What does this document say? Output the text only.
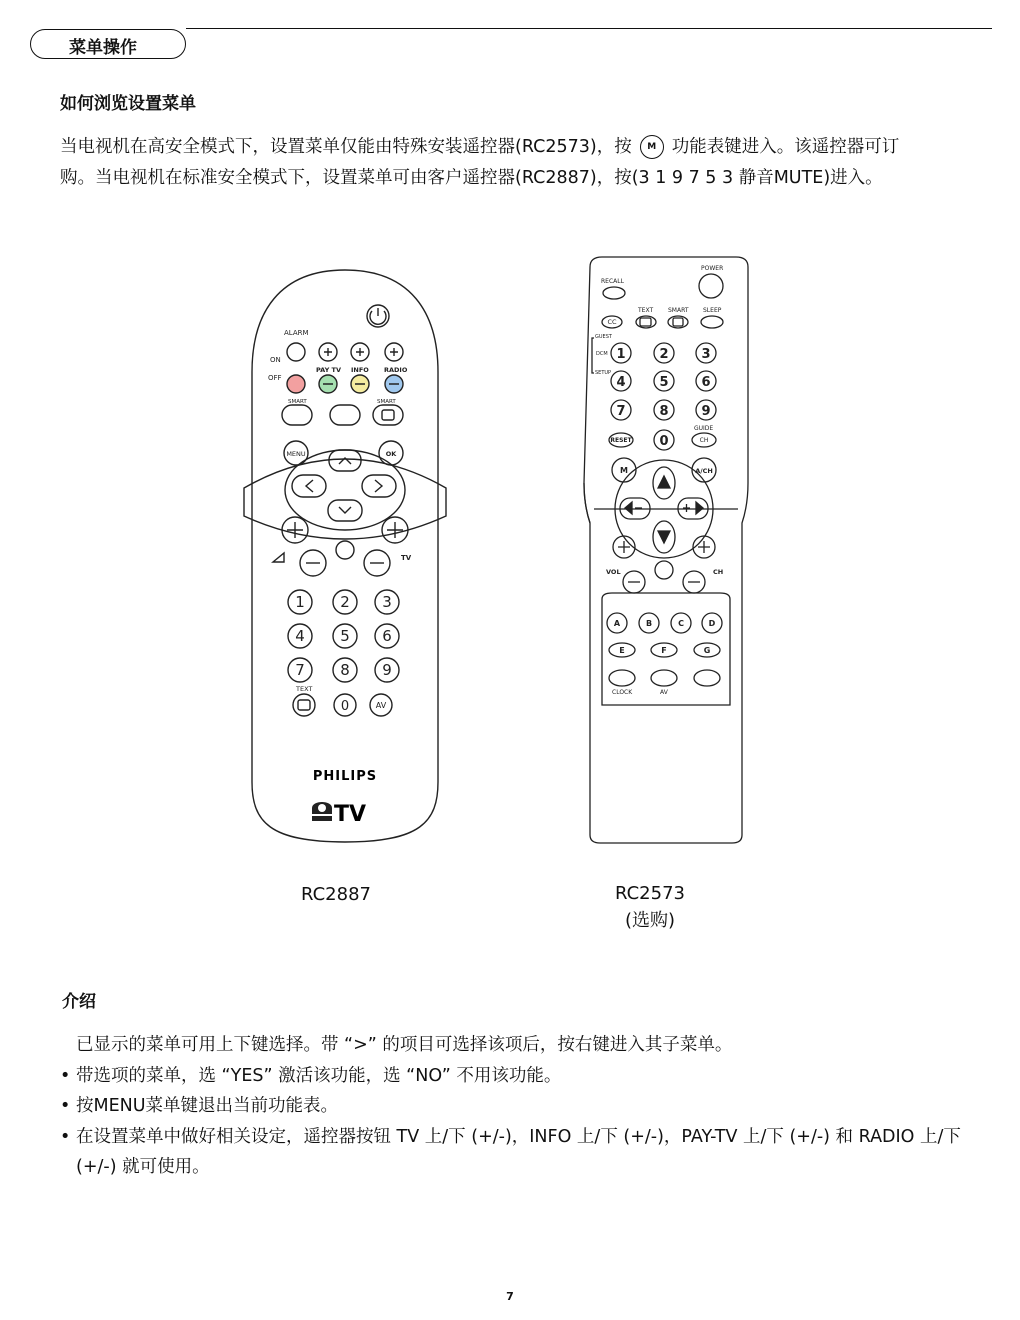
菜单操作
如何浏览设置菜单
当电视机在高安全模式下，设置菜单仅能由特殊安装遥控器(RC2573)，按 M 功能表键进入。该遥控器可订
购。当电视机在标准安全模式下，设置菜单可由客户遥控器(RC2887)，按(3 1 9 7 5 3 静音MUTE)进入。
ALARM
ON
OFF
PAY TV INFO RADIO
SMART	SMART
MENU	OK
TV
TEXT
AV
1 2 3
4 5 6
7 8 9
0
PHILIPS
TV
POWER
RECALL
TEXT SMART SLEEP
CC
GUEST
DCM
SETUP
GUIDE
CH
RESET
M	A/CH
VOL	CH
CLOCK	AV
1	2	3
4	5	6
7	8	9
0
A	B	C	D
E	F	G
RC2887	RC2573
(选购)
介绍
已显示的菜单可用上下键选择。带 “>” 的项目可选择该项后，按右键进入其子菜单。
• 带选项的菜单，选 “YES” 激活该功能，选 “NO” 不用该功能。
• 按MENU菜单键退出当前功能表。
• 在设置菜单中做好相关设定，遥控器按钮 TV 上/下 (+/-)，INFO 上/下 (+/-)，PAY-TV 上/下 (+/-) 和 RADIO 上/下 (+/-) 就可使用。
7
